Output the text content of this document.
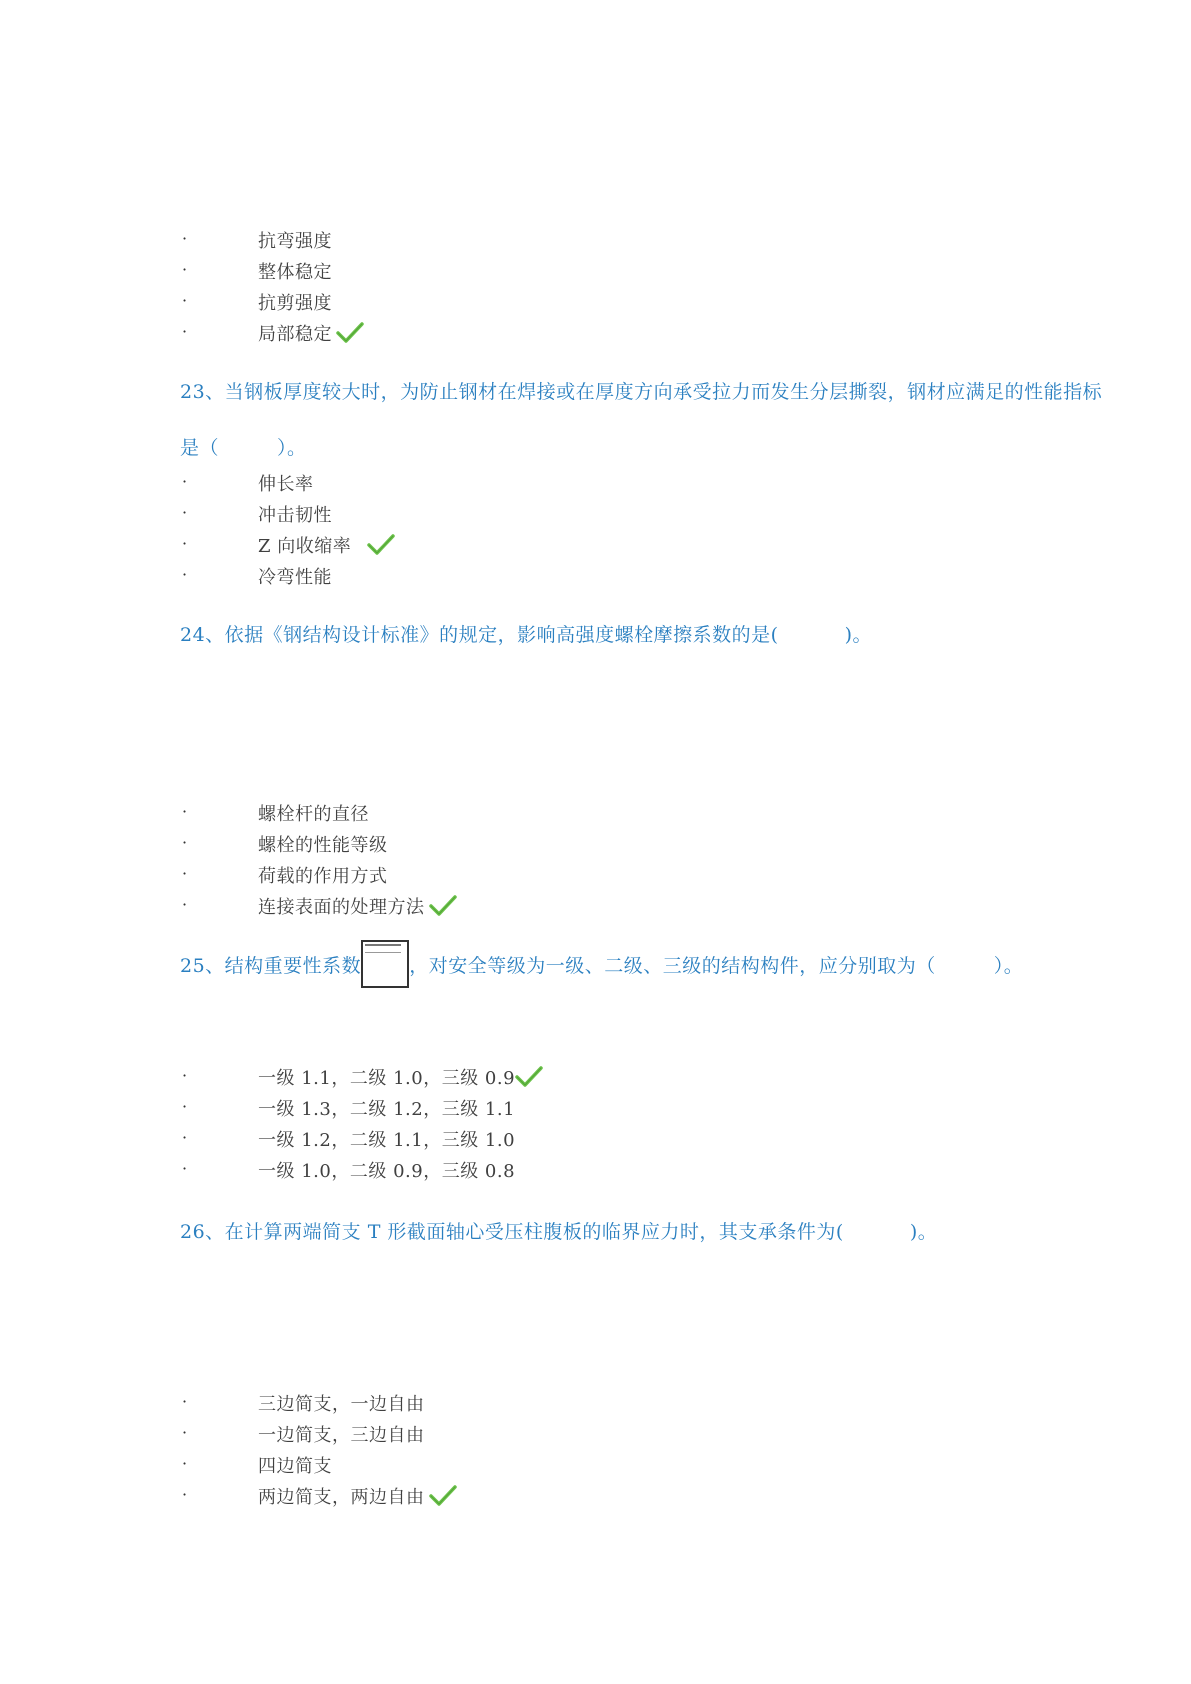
·	抗弯强度
·	整体稳定
·	抗剪强度
·	局部稳定
23、当钢板厚度较大时，为防止钢材在焊接或在厚度方向承受拉力而发生分层撕裂，钢材应满足的性能指标
是（	）。
·	伸长率
·	冲击韧性
·	Z 向收缩率
·	冷弯性能
24、依据《钢结构设计标准》的规定，影响高强度螺栓摩擦系数的是(	)。
·	螺栓杆的直径
·	螺栓的性能等级
·	荷载的作用方式
·	连接表面的处理方法
25、结构重要性系数	，对安全等级为一级、二级、三级的结构构件，应分别取为（	）。
·	一级 1.1，二级 1.0，三级 0.9
·	一级 1.3，二级 1.2，三级 1.1
·	一级 1.2，二级 1.1，三级 1.0
·	一级 1.0，二级 0.9，三级 0.8
26、在计算两端简支 T 形截面轴心受压柱腹板的临界应力时，其支承条件为(	)。
·	三边简支，一边自由
·	一边简支，三边自由
·	四边简支
·	两边简支，两边自由
